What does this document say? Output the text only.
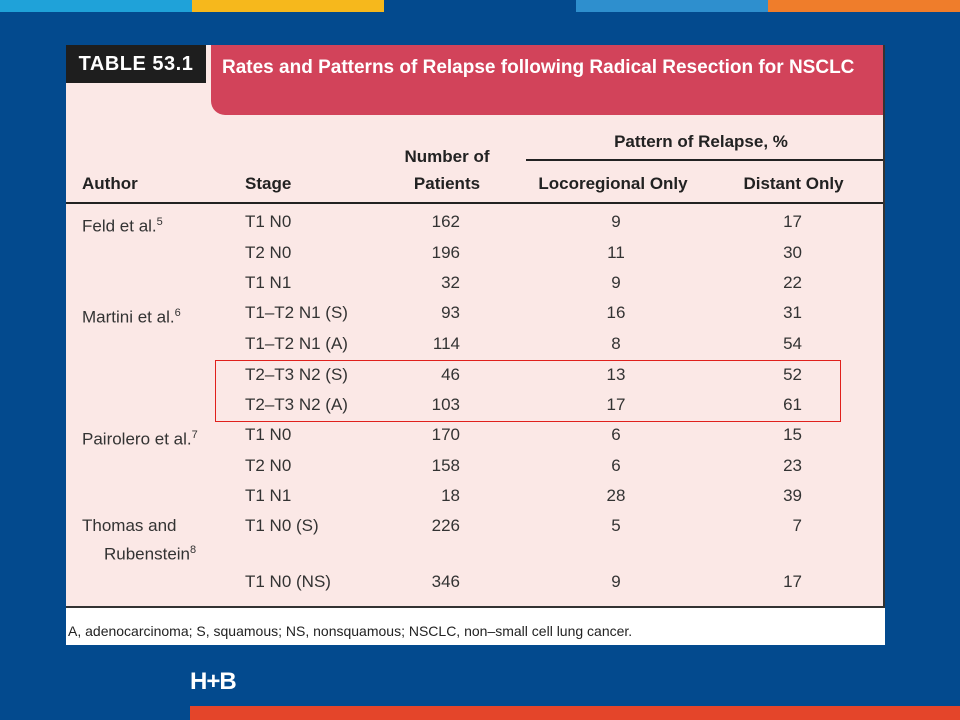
TABLE 53.1	Rates and Patterns of Relapse following Radical Resection for NSCLC
Author	Stage
Number of
Patients
Pattern of Relapse, %
Locoregional Only	Distant Only
Feld et al.$^5$	T1 N0	162	9	17
T2 N0	196	11	30
T1 N1	32	9	22
Martini et al.$^6$	T1–T2 N1 (S)	93	16	31
T1–T2 N1 (A)	114	8	54
T2–T3 N2 (S)	46	13	52
T2–T3 N2 (A)	103	17	61
Pairolero et al.$^7$	T1 N0	170	6	15
T2 N0	158	6	23
T1 N1	18	28	39
Thomas and
Rubenstein$^8$
T1 N0 (S)	226	5	7
T1 N0 (NS)	346	9	17
A, adenocarcinoma; S, squamous; NS, nonsquamous; NSCLC, non–small cell lung cancer.
H+B
